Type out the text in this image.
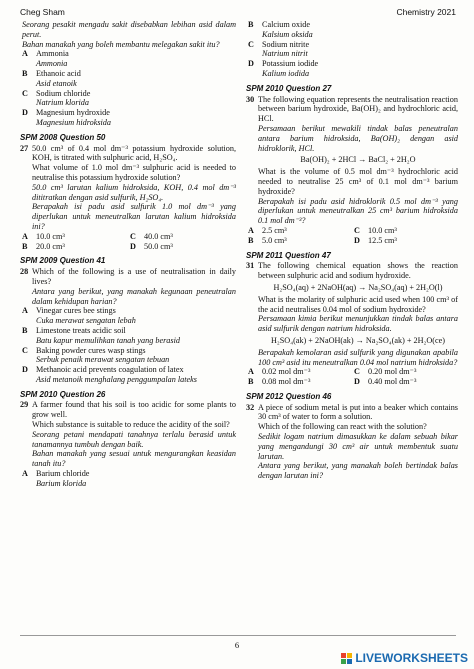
Cheg Sham	Chemistry 2021

Seorang pesakit mengadu sakit disebabkan lebihan asid dalam perut.

Bahan manakah yang boleh membantu melegakan sakit itu?

A Ammonia
Ammonia
B	Ethanoic acid
Asid etanoik
C Sodium chloride
Natrium klorida
D Magnesium hydroxide
Magnesium hidroksida
SPM 2008 Question 50
27 50.0 cm³ of 0.4 mol dm⁻³ potassium hydroxide solution, KOH, is titrated with sulphuric acid, H₂SO₄.

What volume of 1.0 mol dm⁻³ sulphuric acid is needed to neutralise this potassium hydroxide solution?

50.0 cm³ larutan kalium hidroksida, KOH, 0.4 mol dm⁻³ dititratkan dengan asid sulfurik, H₂SO₄.

Berapakah isi padu asid sulfurik 1.0 mol dm⁻³ yang diperlukan untuk meneutralkan larutan kalium hidroksida ini?

A 10.0 cm³	C 40.0 cm³
B	20.0 cm³	D 50.0 cm³
SPM 2009 Question 41
28 Which of the following is a use of neutralisation in daily lives?

Antara yang berikut, yang manakah kegunaan peneutralan dalam kehidupan harian?

A Vinegar cures bee stings
Cuka merawat sengatan lebah
B	Limestone treats acidic soil
Batu kapur memulihkan tanah yang berasid
C Baking powder cures wasp stings
Serbuk penaik merawat sengatan tebuan
D Methanoic acid prevents coagulation of latex
Asid metanoik menghalang penggumpalan lateks
SPM 2010 Question 26
29 A farmer found that his soil is too acidic for some plants to grow well.

Which substance is suitable to reduce the acidity of the soil?

Seorang petani mendapati tanahnya terlalu berasid untuk tanamannya tumbuh dengan baik.

Bahan manakah yang sesuai untuk mengurangkan keasidan tanah itu?

A Barium chloride
Barium klorida
B	Calcium oxide
Kalsium oksida
C Sodium nitrite
Natrium nitrit
D Potassium iodide
Kalium iodida
SPM 2010 Question 27
30 The following equation represents the neutralisation reaction between barium hydroxide, Ba(OH)₂ and hydrochloric acid, HCl.

Persamaan berikut mewakili tindak balas peneutralan antara barium hidroksida, Ba(OH)₂ dengan asid hidroklorik, HCl.

Ba(OH)₂ + 2HCl → BaCl₂ + 2H₂O

What is the volume of 0.5 mol dm⁻³ hydrochloric acid needed to neutralise 25 cm³ of 0.1 mol dm⁻³ barium hydroxide?

Berapakah isi padu asid hidroklorik 0.5 mol dm⁻³ yang diperlukan untuk meneutralkan 25 cm³ barium hidroksida 0.1 mol dm⁻³?

A 2.5 cm³	C 10.0 cm³
B	5.0 cm³	D 12.5 cm³
SPM 2011 Question 47
31 The following chemical equation shows the reaction between sulphuric acid and sodium hydroxide.

H₂SO₄(aq) + 2NaOH(aq) → Na₂SO₄(aq) + 2H₂O(l)

What is the molarity of sulphuric acid used when 100 cm³ of the acid neutralises 0.04 mol of sodium hydroxide?

Persamaan kimia berikut menunjukkan tindak balas antara asid sulfurik dengan natrium hidroksida.

H₂SO₄(ak) + 2NaOH(ak) → Na₂SO₄(ak) + 2H₂O(ce)

Berapakah kemolaran asid sulfurik yang digunakan apabila 100 cm³ asid itu meneutralkan 0.04 mol natrium hidroksida?

A 0.02 mol dm⁻³	C 0.20 mol dm⁻³
B	0.08 mol dm⁻³	D 0.40 mol dm⁻³
SPM 2012 Question 46
32 A piece of sodium metal is put into a beaker which contains 30 cm³ of water to form a solution.

Which of the following can react with the solution?

Sedikit logam natrium dimasukkan ke dalam sebuah bikar yang mengandungi 30 cm³ air untuk membentuk suatu larutan.

Antara yang berikut, yang manakah boleh bertindak balas dengan larutan ini?

6
LIVEWORKSHEETS
